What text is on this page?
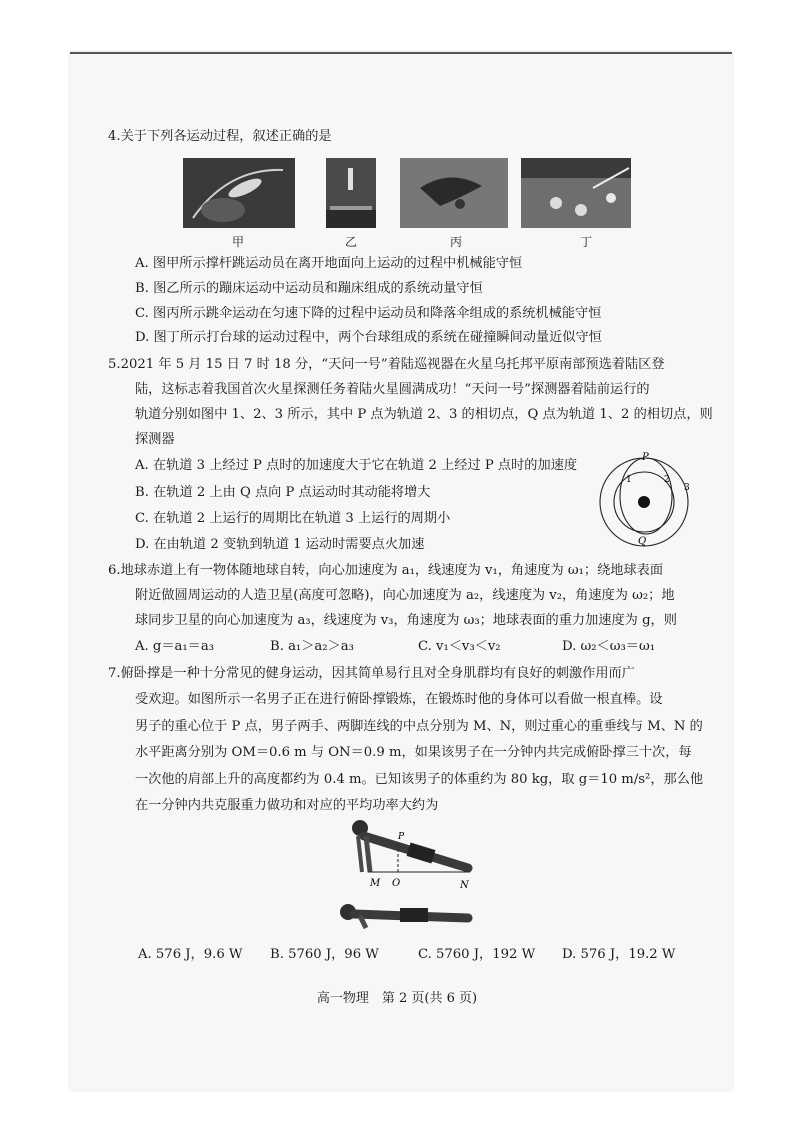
4.关于下列各运动过程，叙述正确的是
甲	乙	丙	丁
A. 图甲所示撑杆跳运动员在离开地面向上运动的过程中机械能守恒
B. 图乙所示的蹦床运动中运动员和蹦床组成的系统动量守恒
C. 图丙所示跳伞运动在匀速下降的过程中运动员和降落伞组成的系统机械能守恒
D. 图丁所示打台球的运动过程中，两个台球组成的系统在碰撞瞬间动量近似守恒
5.2021 年 5 月 15 日 7 时 18 分，“天问一号”着陆巡视器在火星乌托邦平原南部预选着陆区登
陆，这标志着我国首次火星探测任务着陆火星圆满成功！“天问一号”探测器着陆前运行的
轨道分别如图中 1、2、3 所示，其中 P 点为轨道 2、3 的相切点，Q 点为轨道 1、2 的相切点，则
探测器
A. 在轨道 3 上经过 P 点时的加速度大于它在轨道 2 上经过 P 点时的加速度
B. 在轨道 2 上由 Q 点向 P 点运动时其动能将增大
C. 在轨道 2 上运行的周期比在轨道 3 上运行的周期小
D. 在由轨道 2 变轨到轨道 1 运动时需要点火加速
P
Q
1	2
3
6.地球赤道上有一物体随地球自转，向心加速度为 a₁，线速度为 v₁，角速度为 ω₁；绕地球表面
附近做圆周运动的人造卫星(高度可忽略)，向心加速度为 a₂，线速度为 v₂，角速度为 ω₂；地
球同步卫星的向心加速度为 a₃，线速度为 v₃，角速度为 ω₃；地球表面的重力加速度为 g，则
A. g＝a₁＝a₃	B. a₁＞a₂＞a₃	C. v₁＜v₃＜v₂	D. ω₂＜ω₃＝ω₁
7.俯卧撑是一种十分常见的健身运动，因其简单易行且对全身肌群均有良好的刺激作用而广
受欢迎。如图所示一名男子正在进行俯卧撑锻炼，在锻炼时他的身体可以看做一根直棒。设
男子的重心位于 P 点，男子两手、两脚连线的中点分别为 M、N，则过重心的重垂线与 M、N 的
水平距离分别为 OM＝0.6 m 与 ON＝0.9 m，如果该男子在一分钟内共完成俯卧撑三十次，每
一次他的肩部上升的高度都约为 0.4 m。已知该男子的体重约为 80 kg，取 g＝10 m/s²，那么他
在一分钟内共克服重力做功和对应的平均功率大约为
P
M O	N
A. 576 J，9.6 W B. 5760 J，96 W	C. 5760 J，192 W D. 576 J，19.2 W
高一物理　第 2 页(共 6 页)
